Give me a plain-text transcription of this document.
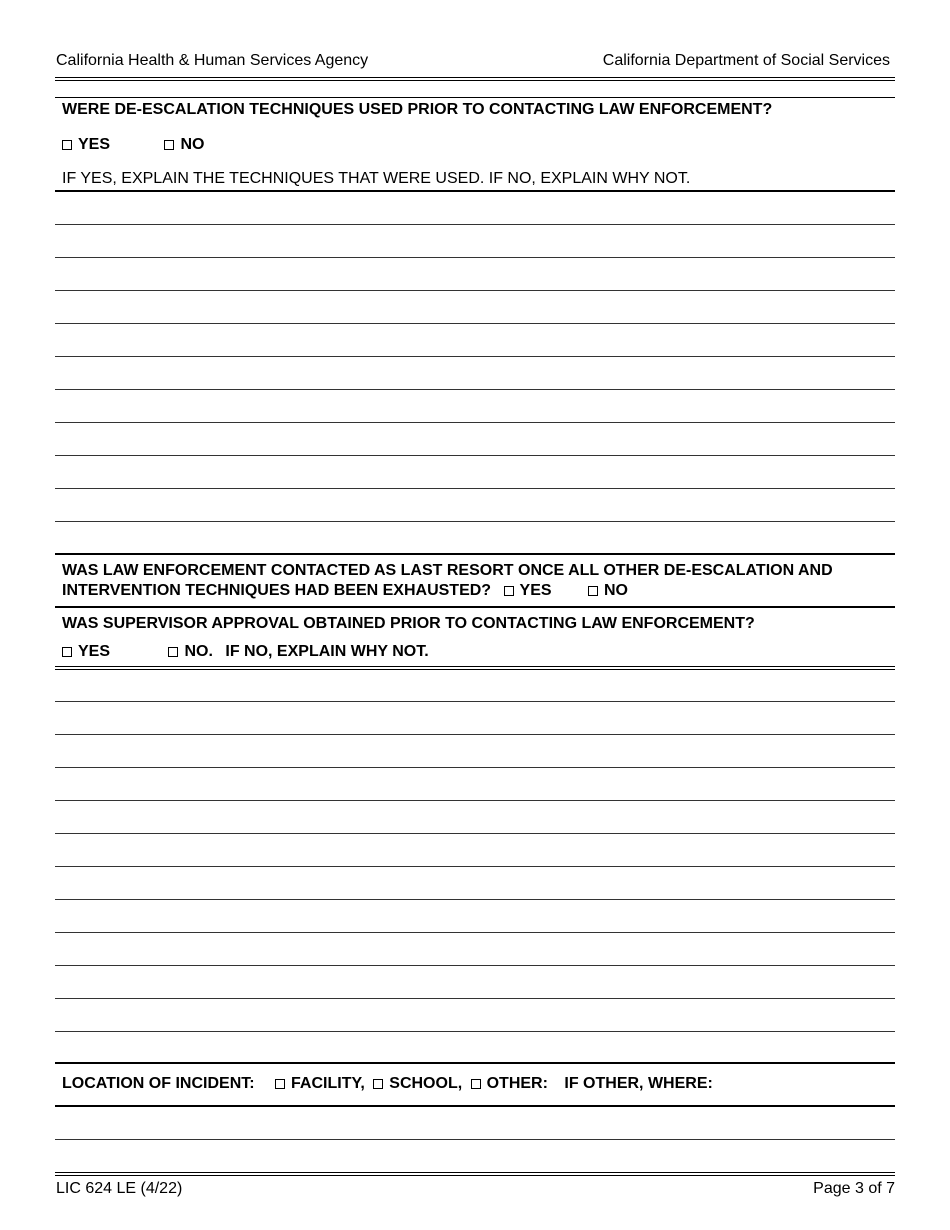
California Health & Human Services Agency	California Department of Social Services
WERE DE-ESCALATION TECHNIQUES USED PRIOR TO CONTACTING LAW ENFORCEMENT?
YES	NO
IF YES, EXPLAIN THE TECHNIQUES THAT WERE USED. IF NO, EXPLAIN WHY NOT.
WAS LAW ENFORCEMENT CONTACTED AS LAST RESORT ONCE ALL OTHER DE-ESCALATION AND
INTERVENTION TECHNIQUES HAD BEEN EXHAUSTED? YES	NO
WAS SUPERVISOR APPROVAL OBTAINED PRIOR TO CONTACTING LAW ENFORCEMENT?
YES	NO. IF NO, EXPLAIN WHY NOT.
LOCATION OF INCIDENT: FACILITY, SCHOOL, OTHER: IF OTHER, WHERE:
LIC 624 LE (4/22)	Page 3 of 7
